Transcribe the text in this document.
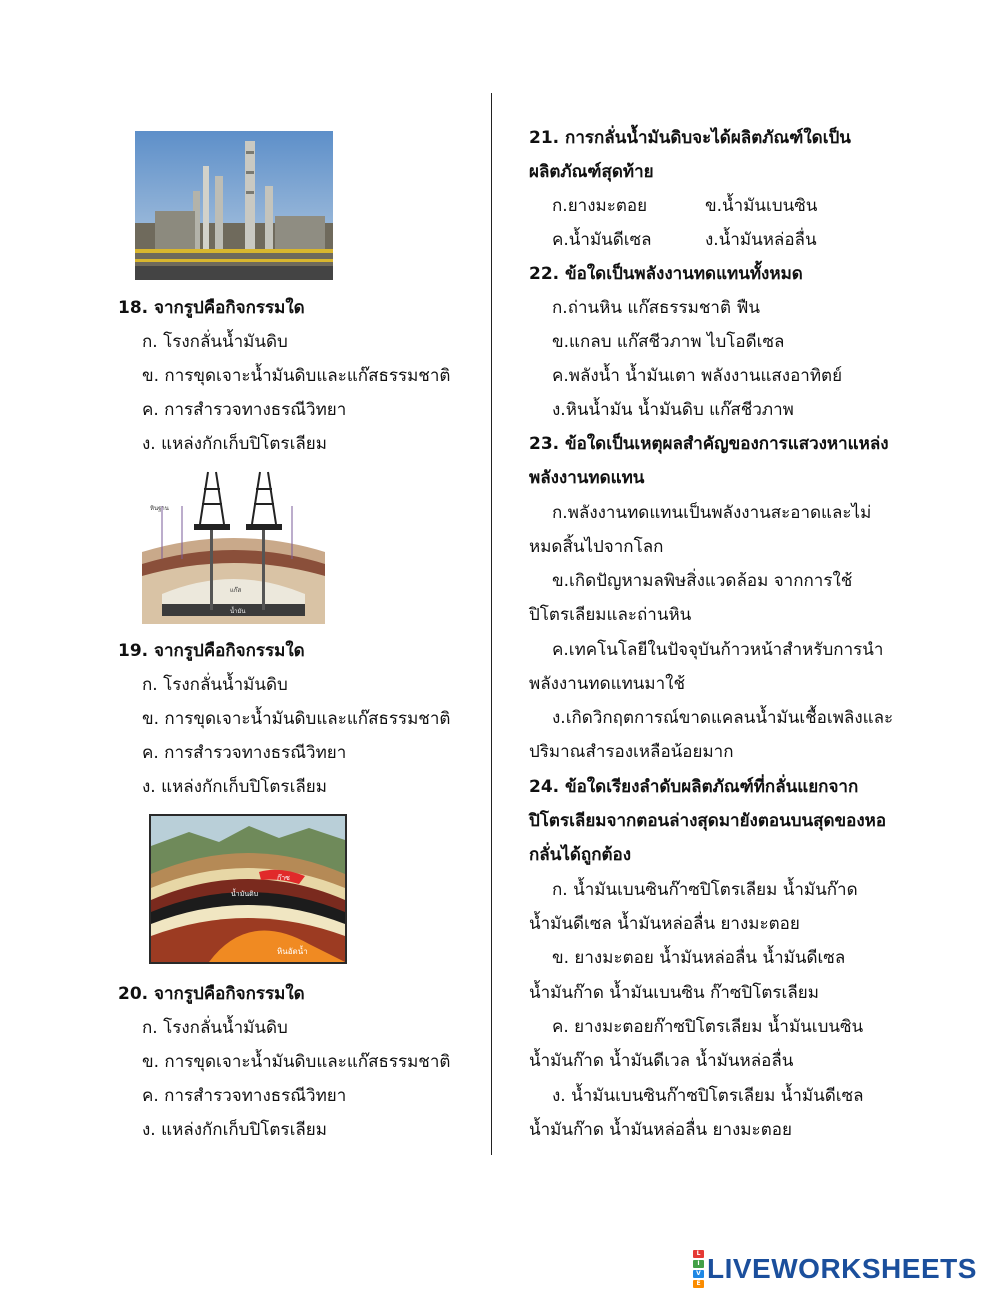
18. จากรูปคือกิจกรรมใด
ก. โรงกลั่นน้ำมันดิบ
ข. การขุดเจาะน้ำมันดิบและแก๊สธรรมชาติ
ค. การสำรวจทางธรณีวิทยา
ง. แหล่งกักเก็บปิโตรเลียม
หินฐาน
แก๊ส
น้ำมัน
19. จากรูปคือกิจกรรมใด
ก. โรงกลั่นน้ำมันดิบ
ข. การขุดเจาะน้ำมันดิบและแก๊สธรรมชาติ
ค. การสำรวจทางธรณีวิทยา
ง. แหล่งกักเก็บปิโตรเลียม
ก๊าซ
น้ำมันดิบ
หินอัดน้ำ
20. จากรูปคือกิจกรรมใด
ก. โรงกลั่นน้ำมันดิบ
ข. การขุดเจาะน้ำมันดิบและแก๊สธรรมชาติ
ค. การสำรวจทางธรณีวิทยา
ง. แหล่งกักเก็บปิโตรเลียม
21. การกลั่นน้ำมันดิบจะได้ผลิตภัณฑ์ใดเป็น
ผลิตภัณฑ์สุดท้าย
ก.ยางมะตอย	ข.น้ำมันเบนซิน
ค.น้ำมันดีเซล	ง.น้ำมันหล่อลื่น
22. ข้อใดเป็นพลังงานทดแทนทั้งหมด
ก.ถ่านหิน แก๊สธรรมชาติ ฟืน
ข.แกลบ แก๊สชีวภาพ ไบโอดีเซล
ค.พลังน้ำ น้ำมันเตา พลังงานแสงอาทิตย์
ง.หินน้ำมัน น้ำมันดิบ แก๊สชีวภาพ
23. ข้อใดเป็นเหตุผลสำคัญของการแสวงหาแหล่ง
พลังงานทดแทน
ก.พลังงานทดแทนเป็นพลังงานสะอาดและไม่
หมดสิ้นไปจากโลก
ข.เกิดปัญหามลพิษสิ่งแวดล้อม จากการใช้
ปิโตรเลียมและถ่านหิน
ค.เทคโนโลยีในปัจจุบันก้าวหน้าสำหรับการนำ
พลังงานทดแทนมาใช้
ง.เกิดวิกฤตการณ์ขาดแคลนน้ำมันเชื้อเพลิงและ
ปริมาณสำรองเหลือน้อยมาก
24. ข้อใดเรียงลำดับผลิตภัณฑ์ที่กลั่นแยกจาก
ปิโตรเลียมจากตอนล่างสุดมายังตอนบนสุดของหอ
กลั่นได้ถูกต้อง
ก. น้ำมันเบนซินก๊าซปิโตรเลียม น้ำมันก๊าด
น้ำมันดีเซล น้ำมันหล่อลื่น ยางมะตอย
ข. ยางมะตอย น้ำมันหล่อลื่น น้ำมันดีเซล
น้ำมันก๊าด น้ำมันเบนซิน ก๊าซปิโตรเลียม
ค. ยางมะตอยก๊าซปิโตรเลียม น้ำมันเบนซิน
น้ำมันก๊าด น้ำมันดีเวล น้ำมันหล่อลื่น
ง. น้ำมันเบนซินก๊าซปิโตรเลียม น้ำมันดีเซล
น้ำมันก๊าด น้ำมันหล่อลื่น ยางมะตอย
L
I
V
E LIVEWORKSHEETS
